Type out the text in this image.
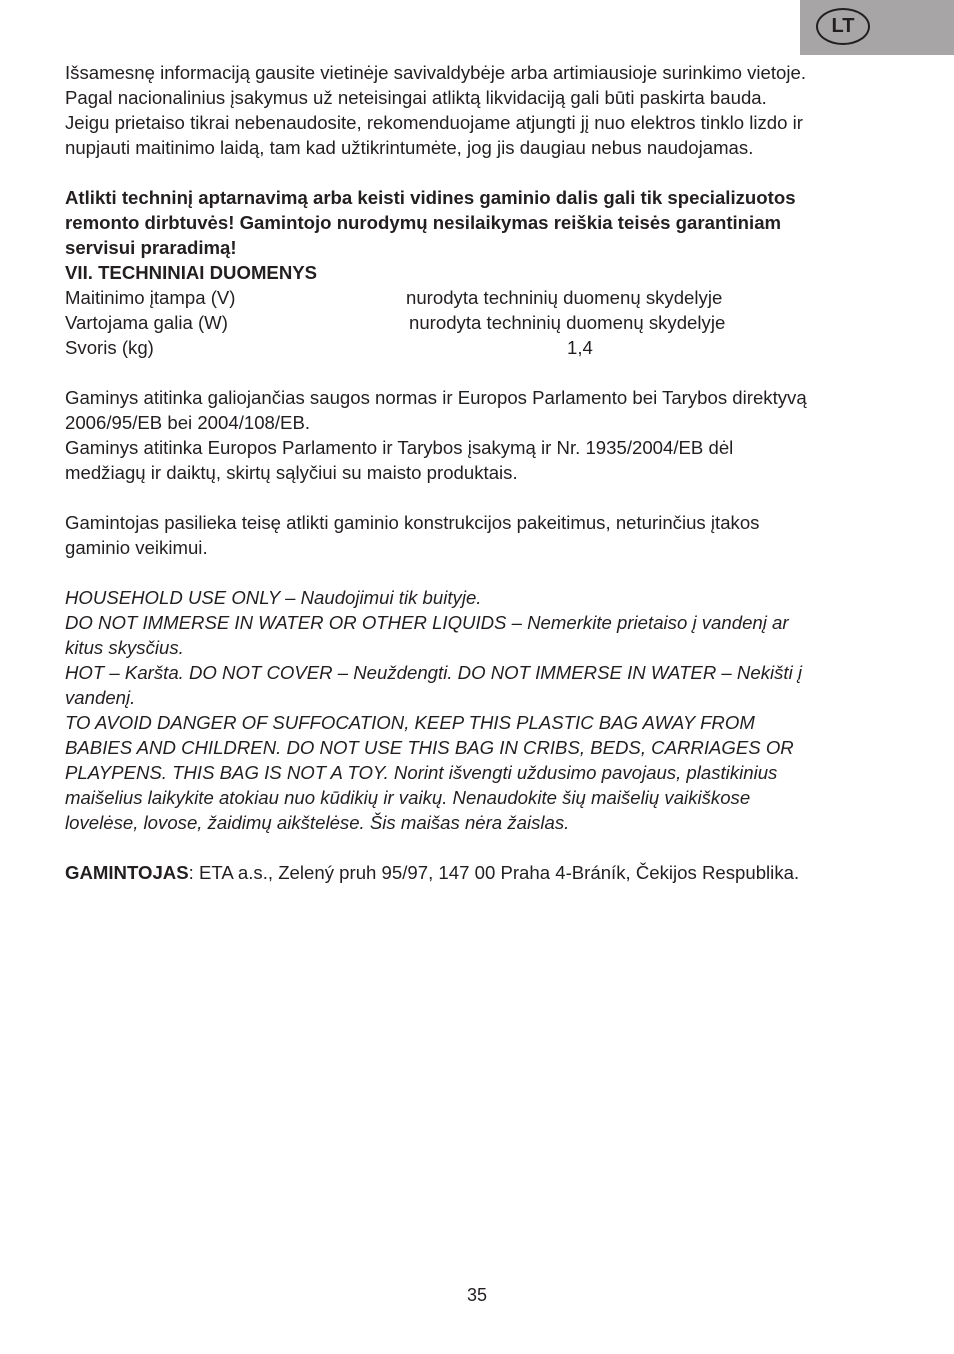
LT

Išsamesnę informaciją gausite vietinėje savivaldybėje arba artimiausioje surinkimo vietoje.

Pagal nacionalinius įsakymus už neteisingai atliktą likvidaciją gali būti paskirta bauda.

Jeigu prietaiso tikrai nebenaudosite, rekomenduojame atjungti jį nuo elektros tinklo lizdo ir

nupjauti maitinimo laidą, tam kad užtikrintumėte, jog jis daugiau nebus naudojamas.

Atlikti techninį aptarnavimą arba keisti vidines gaminio dalis gali tik specializuotos

remonto dirbtuvės! Gamintojo nurodymų nesilaikymas reiškia teisės garantiniam

servisui praradimą!

VII. TECHNINIAI DUOMENYS

Maitinimo įtampa (V)	nurodyta techninių duomenų skydelyje
Vartojama galia (W)	nurodyta techninių duomenų skydelyje
Svoris (kg)	1,4

Gaminys atitinka galiojančias saugos normas ir Europos Parlamento bei Tarybos direktyvą

2006/95/EB bei 2004/108/EB.

Gaminys atitinka Europos Parlamento ir Tarybos įsakymą ir Nr. 1935/2004/EB dėl

medžiagų ir daiktų, skirtų sąlyčiui su maisto produktais.

Gamintojas pasilieka teisę atlikti gaminio konstrukcijos pakeitimus, neturinčius įtakos

gaminio veikimui.

HOUSEHOLD USE ONLY – Naudojimui tik buityje.

DO NOT IMMERSE IN WATER OR OTHER LIQUIDS – Nemerkite prietaiso į vandenį ar

kitus skysčius.

HOT – Karšta. DO NOT COVER – Neuždengti. DO NOT IMMERSE IN WATER – Nekišti į

vandenį.

TO AVOID DANGER OF SUFFOCATION, KEEP THIS PLASTIC BAG AWAY FROM

BABIES AND CHILDREN. DO NOT USE THIS BAG IN CRIBS, BEDS, CARRIAGES OR

PLAYPENS. THIS BAG IS NOT A TOY. Norint išvengti uždusimo pavojaus, plastikinius

maišelius laikykite atokiau nuo kūdikių ir vaikų. Nenaudokite šių maišelių vaikiškose

lovelėse, lovose, žaidimų aikštelėse. Šis maišas nėra žaislas.

GAMINTOJAS: ETA a.s., Zelený pruh 95/97, 147 00 Praha 4-Bráník, Čekijos Respublika.

35
